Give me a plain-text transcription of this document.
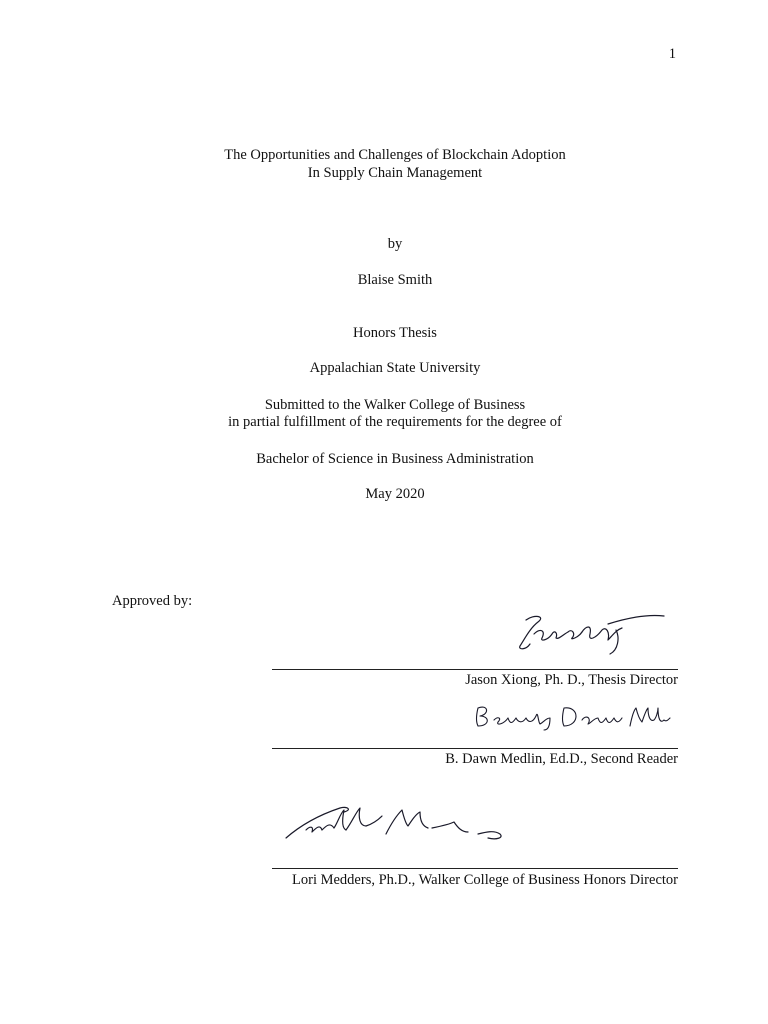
1
The Opportunities and Challenges of Blockchain Adoption
In Supply Chain Management
by
Blaise Smith
Honors Thesis
Appalachian State University
Submitted to the Walker College of Business
in partial fulfillment of the requirements for the degree of
Bachelor of Science in Business Administration
May 2020
Approved by:
Jason Xiong, Ph. D., Thesis Director
B. Dawn Medlin, Ed.D., Second Reader
Lori Medders, Ph.D., Walker College of Business Honors Director
